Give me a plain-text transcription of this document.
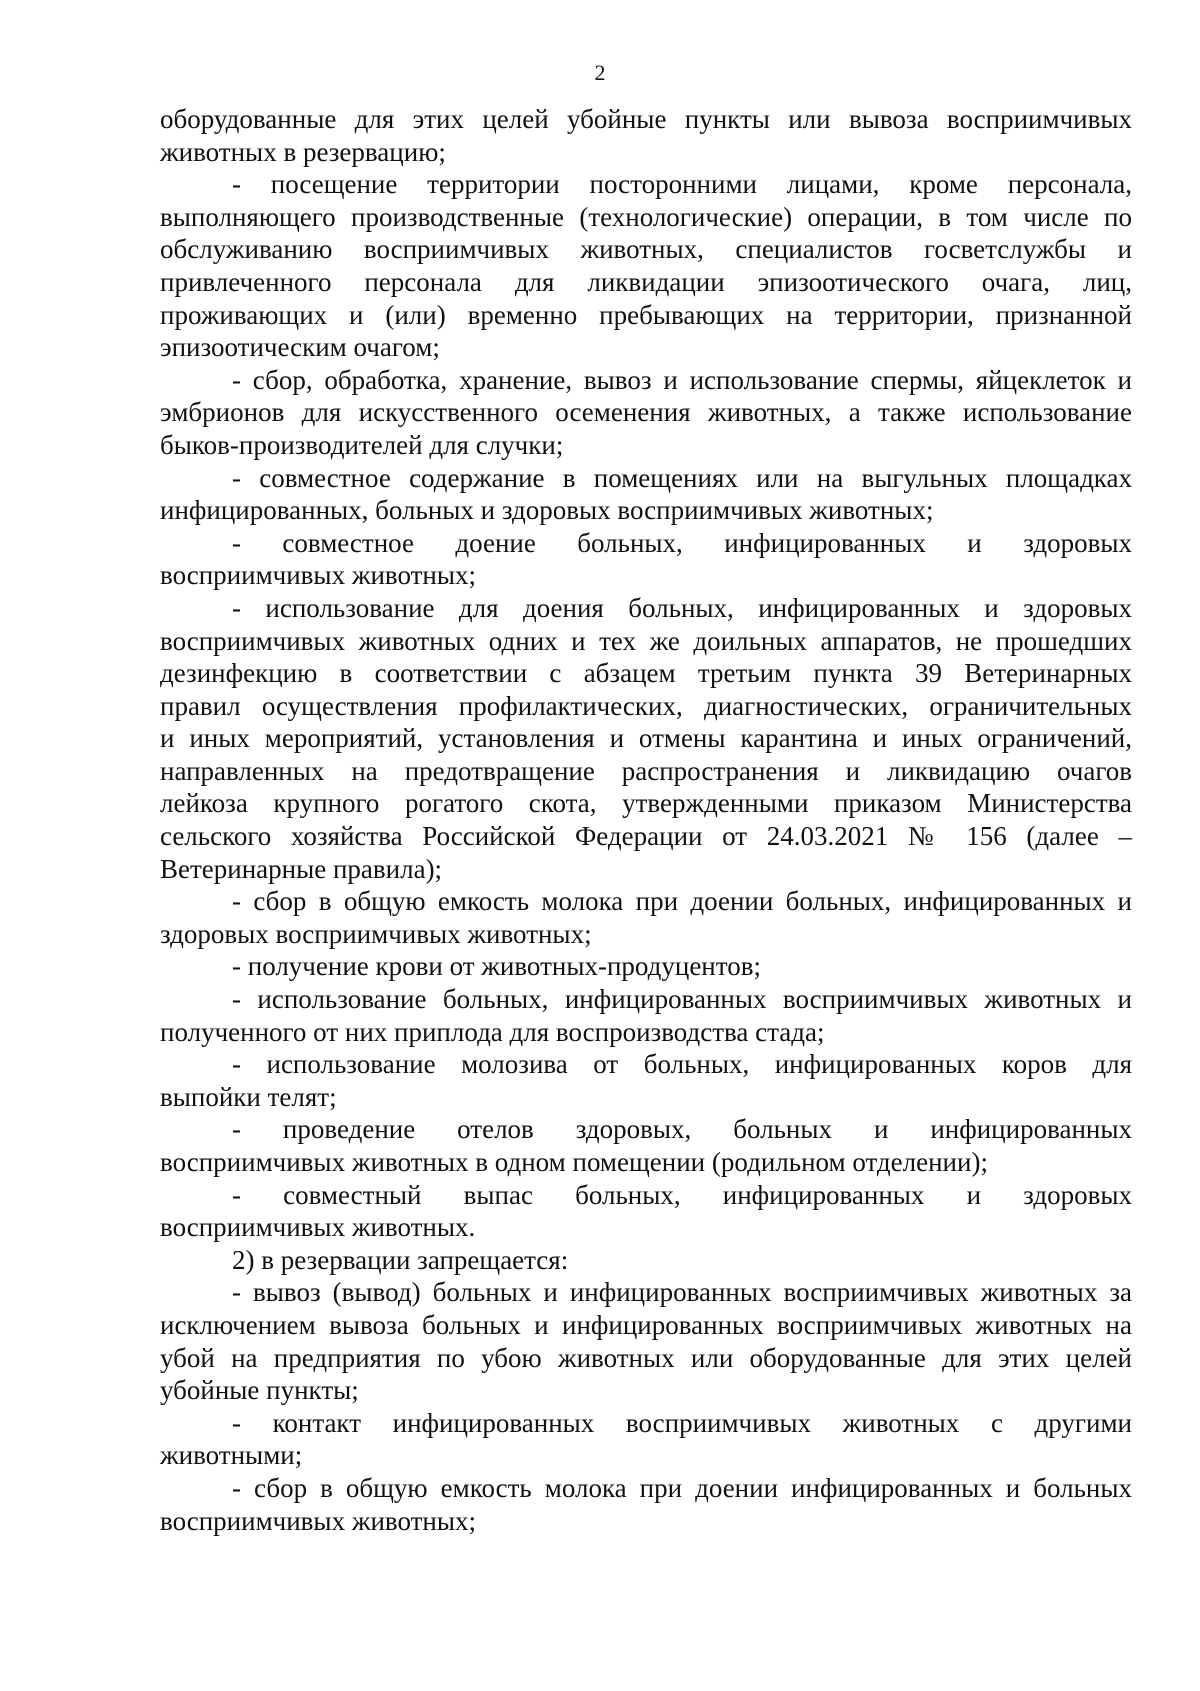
2
оборудованные для этих целей убойные пункты или вывоза восприимчивых
животных в резервацию;
- посещение территории посторонними лицами, кроме персонала,
выполняющего производственные (технологические) операции, в том числе по
обслуживанию восприимчивых животных, специалистов госветслужбы и
привлеченного персонала для ликвидации эпизоотического очага, лиц,
проживающих и (или) временно пребывающих на территории, признанной
эпизоотическим очагом;
- сбор, обработка, хранение, вывоз и использование спермы, яйцеклеток и
эмбрионов для искусственного осеменения животных, а также использование
быков-производителей для случки;
- совместное содержание в помещениях или на выгульных площадках
инфицированных, больных и здоровых восприимчивых животных;
- совместное доение больных, инфицированных и здоровых
восприимчивых животных;
- использование для доения больных, инфицированных и здоровых
восприимчивых животных одних и тех же доильных аппаратов, не прошедших
дезинфекцию в соответствии с абзацем третьим пункта 39 Ветеринарных
правил осуществления профилактических, диагностических, ограничительных
и иных мероприятий, установления и отмены карантина и иных ограничений,
направленных на предотвращение распространения и ликвидацию очагов
лейкоза крупного рогатого скота, утвержденными приказом Министерства
сельского хозяйства Российской Федерации от 24.03.2021 № 156 (далее –
Ветеринарные правила);
- сбор в общую емкость молока при доении больных, инфицированных и
здоровых восприимчивых животных;
- получение крови от животных-продуцентов;
- использование больных, инфицированных восприимчивых животных и
полученного от них приплода для воспроизводства стада;
- использование молозива от больных, инфицированных коров для
выпойки телят;
- проведение отелов здоровых, больных и инфицированных
восприимчивых животных в одном помещении (родильном отделении);
- совместный выпас больных, инфицированных и здоровых
восприимчивых животных.
2) в резервации запрещается:
- вывоз (вывод) больных и инфицированных восприимчивых животных за
исключением вывоза больных и инфицированных восприимчивых животных на
убой на предприятия по убою животных или оборудованные для этих целей
убойные пункты;
- контакт инфицированных восприимчивых животных с другими
животными;
- сбор в общую емкость молока при доении инфицированных и больных
восприимчивых животных;
